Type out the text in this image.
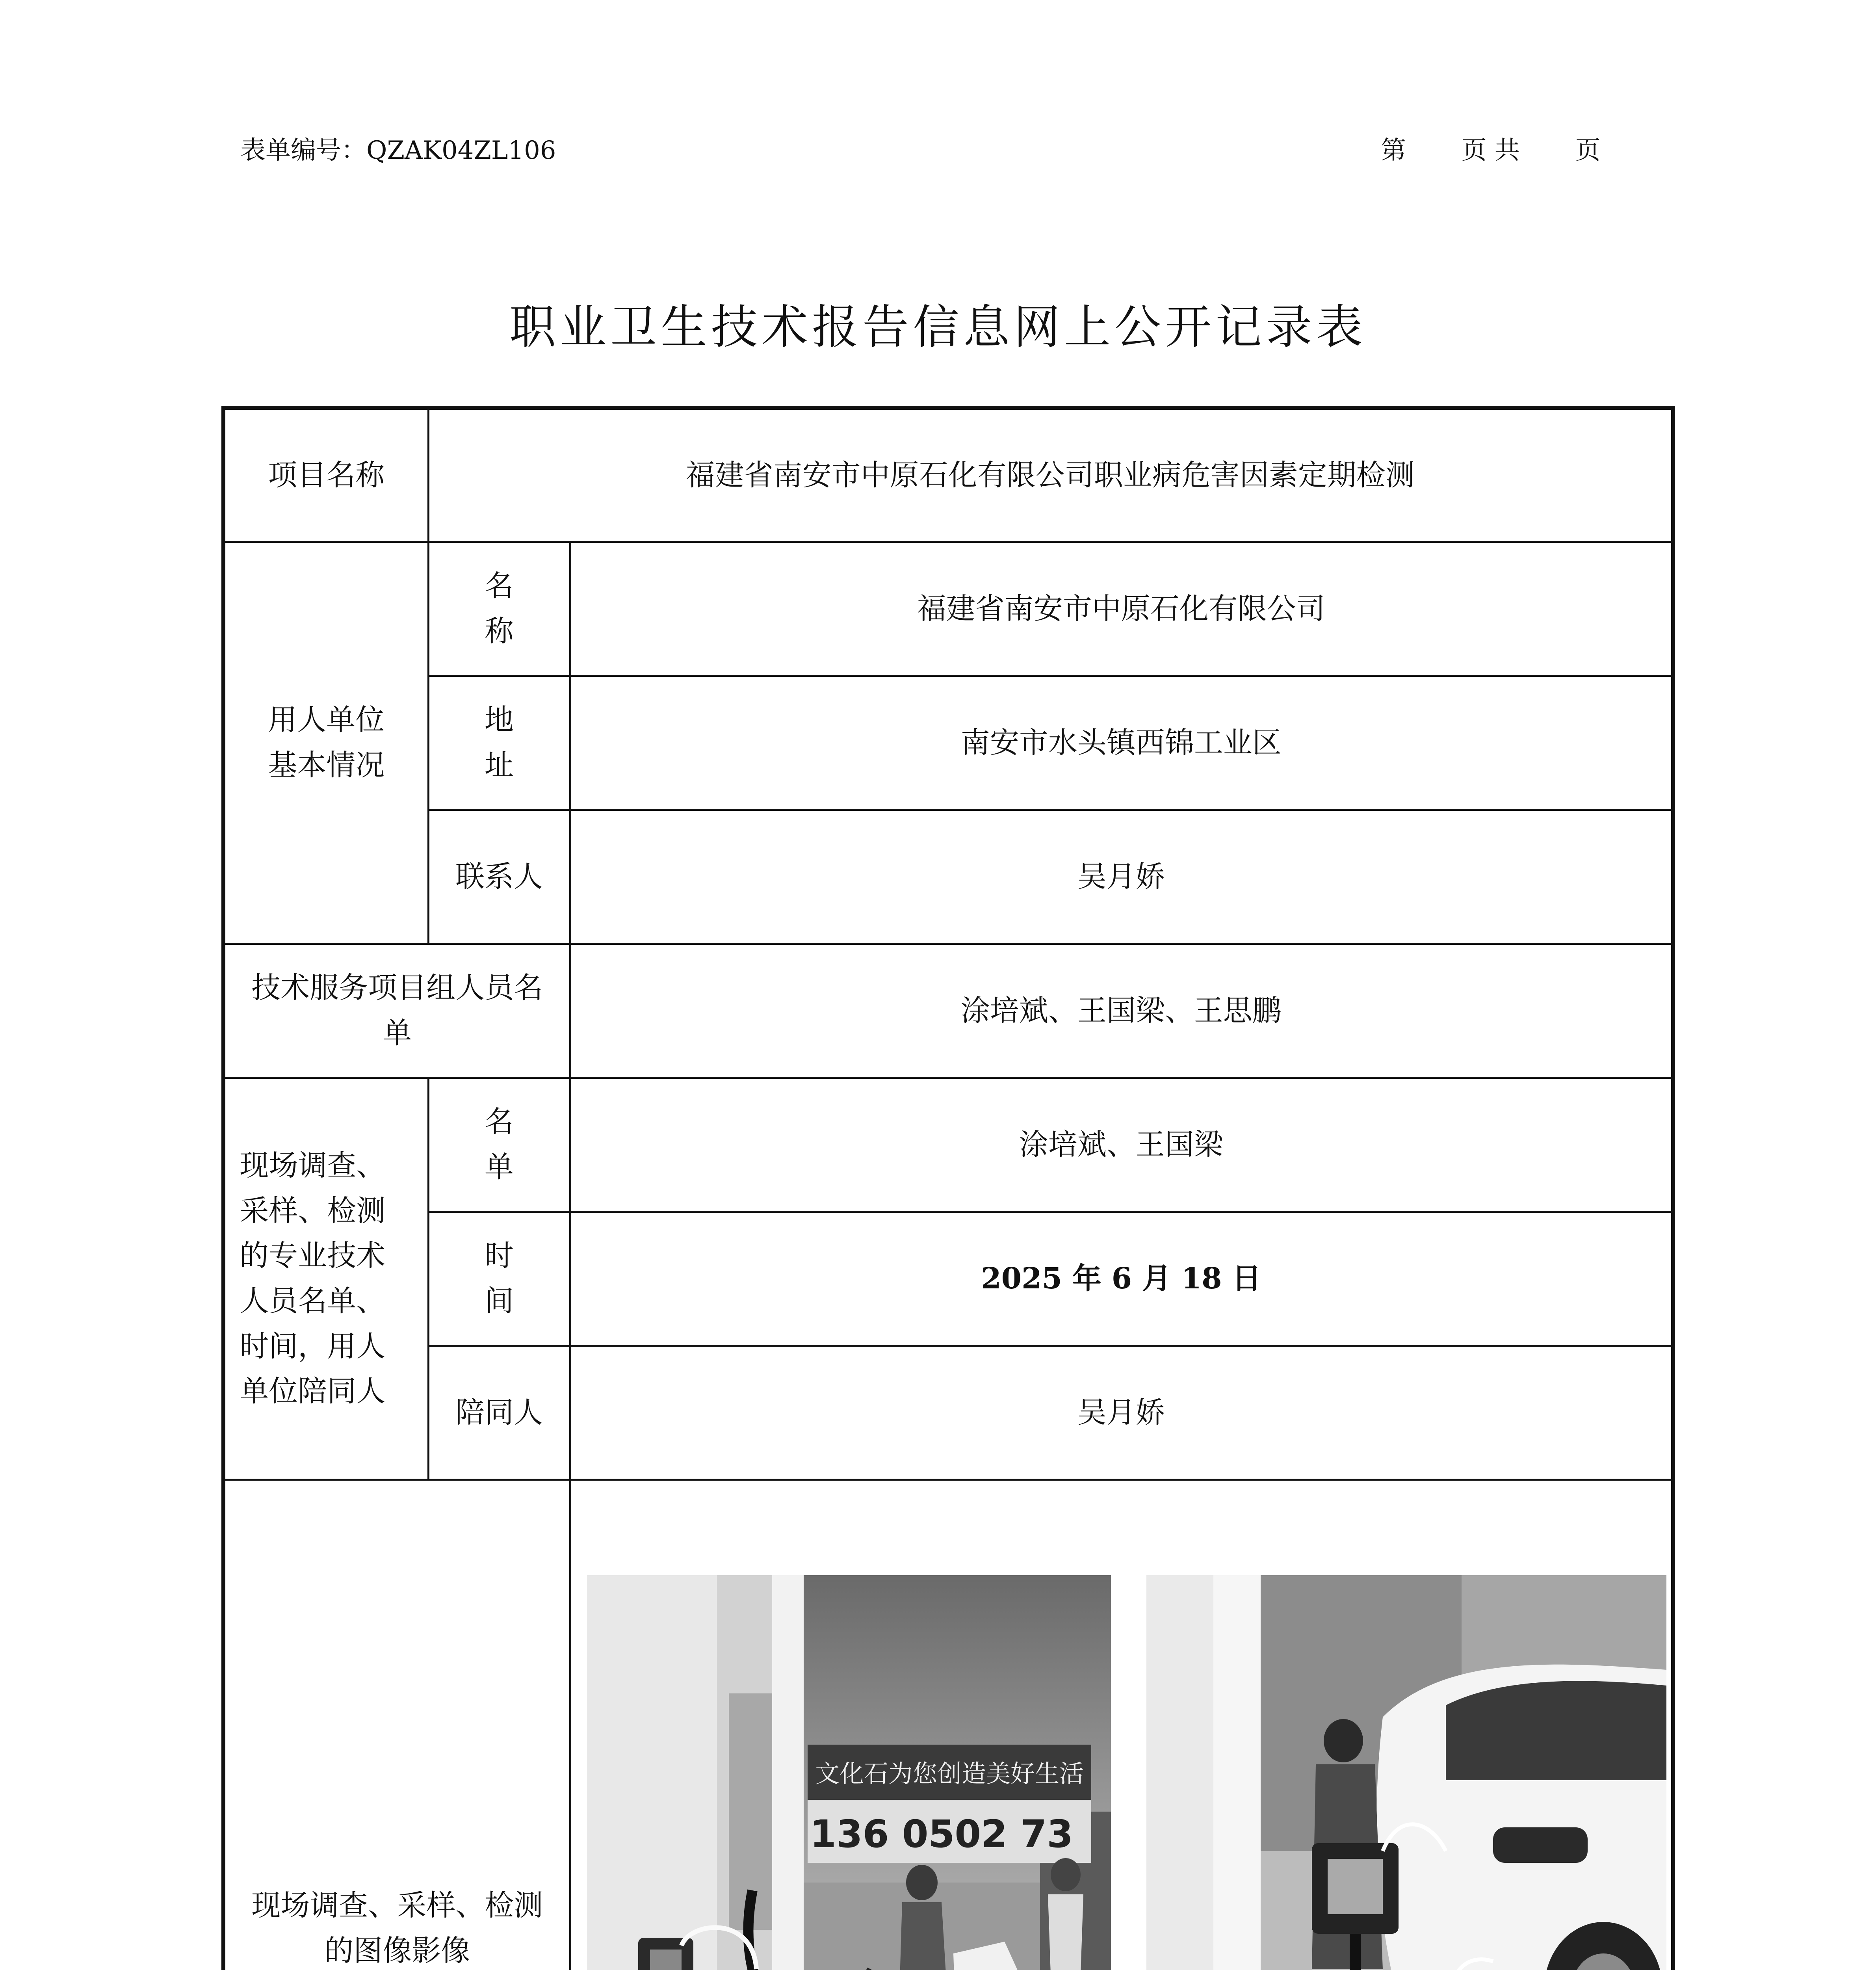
表单编号：QZAK04ZL106	第 页 共 页
职业卫生技术报告信息网上公开记录表
项目名称	福建省南安市中原石化有限公司职业病危害因素定期检测	

用人单位基本情况	名 称	福建省南安市中原石化有限公司
	地 址	南安市水头镇西锦工业区
	联系人	吴月娇

技术服务项目组人员名单		涂培斌、王国梁、王思鹏

现场调查、采样、检测的专业技术人员名单、时间，用人单位陪同人	名 单	涂培斌、王国梁
	时 间	2025 年 6 月 18 日
	陪同人	吴月娇

现场调查、采样、检测的图像影像		文化石为您创造美好生活
136 0502 73
